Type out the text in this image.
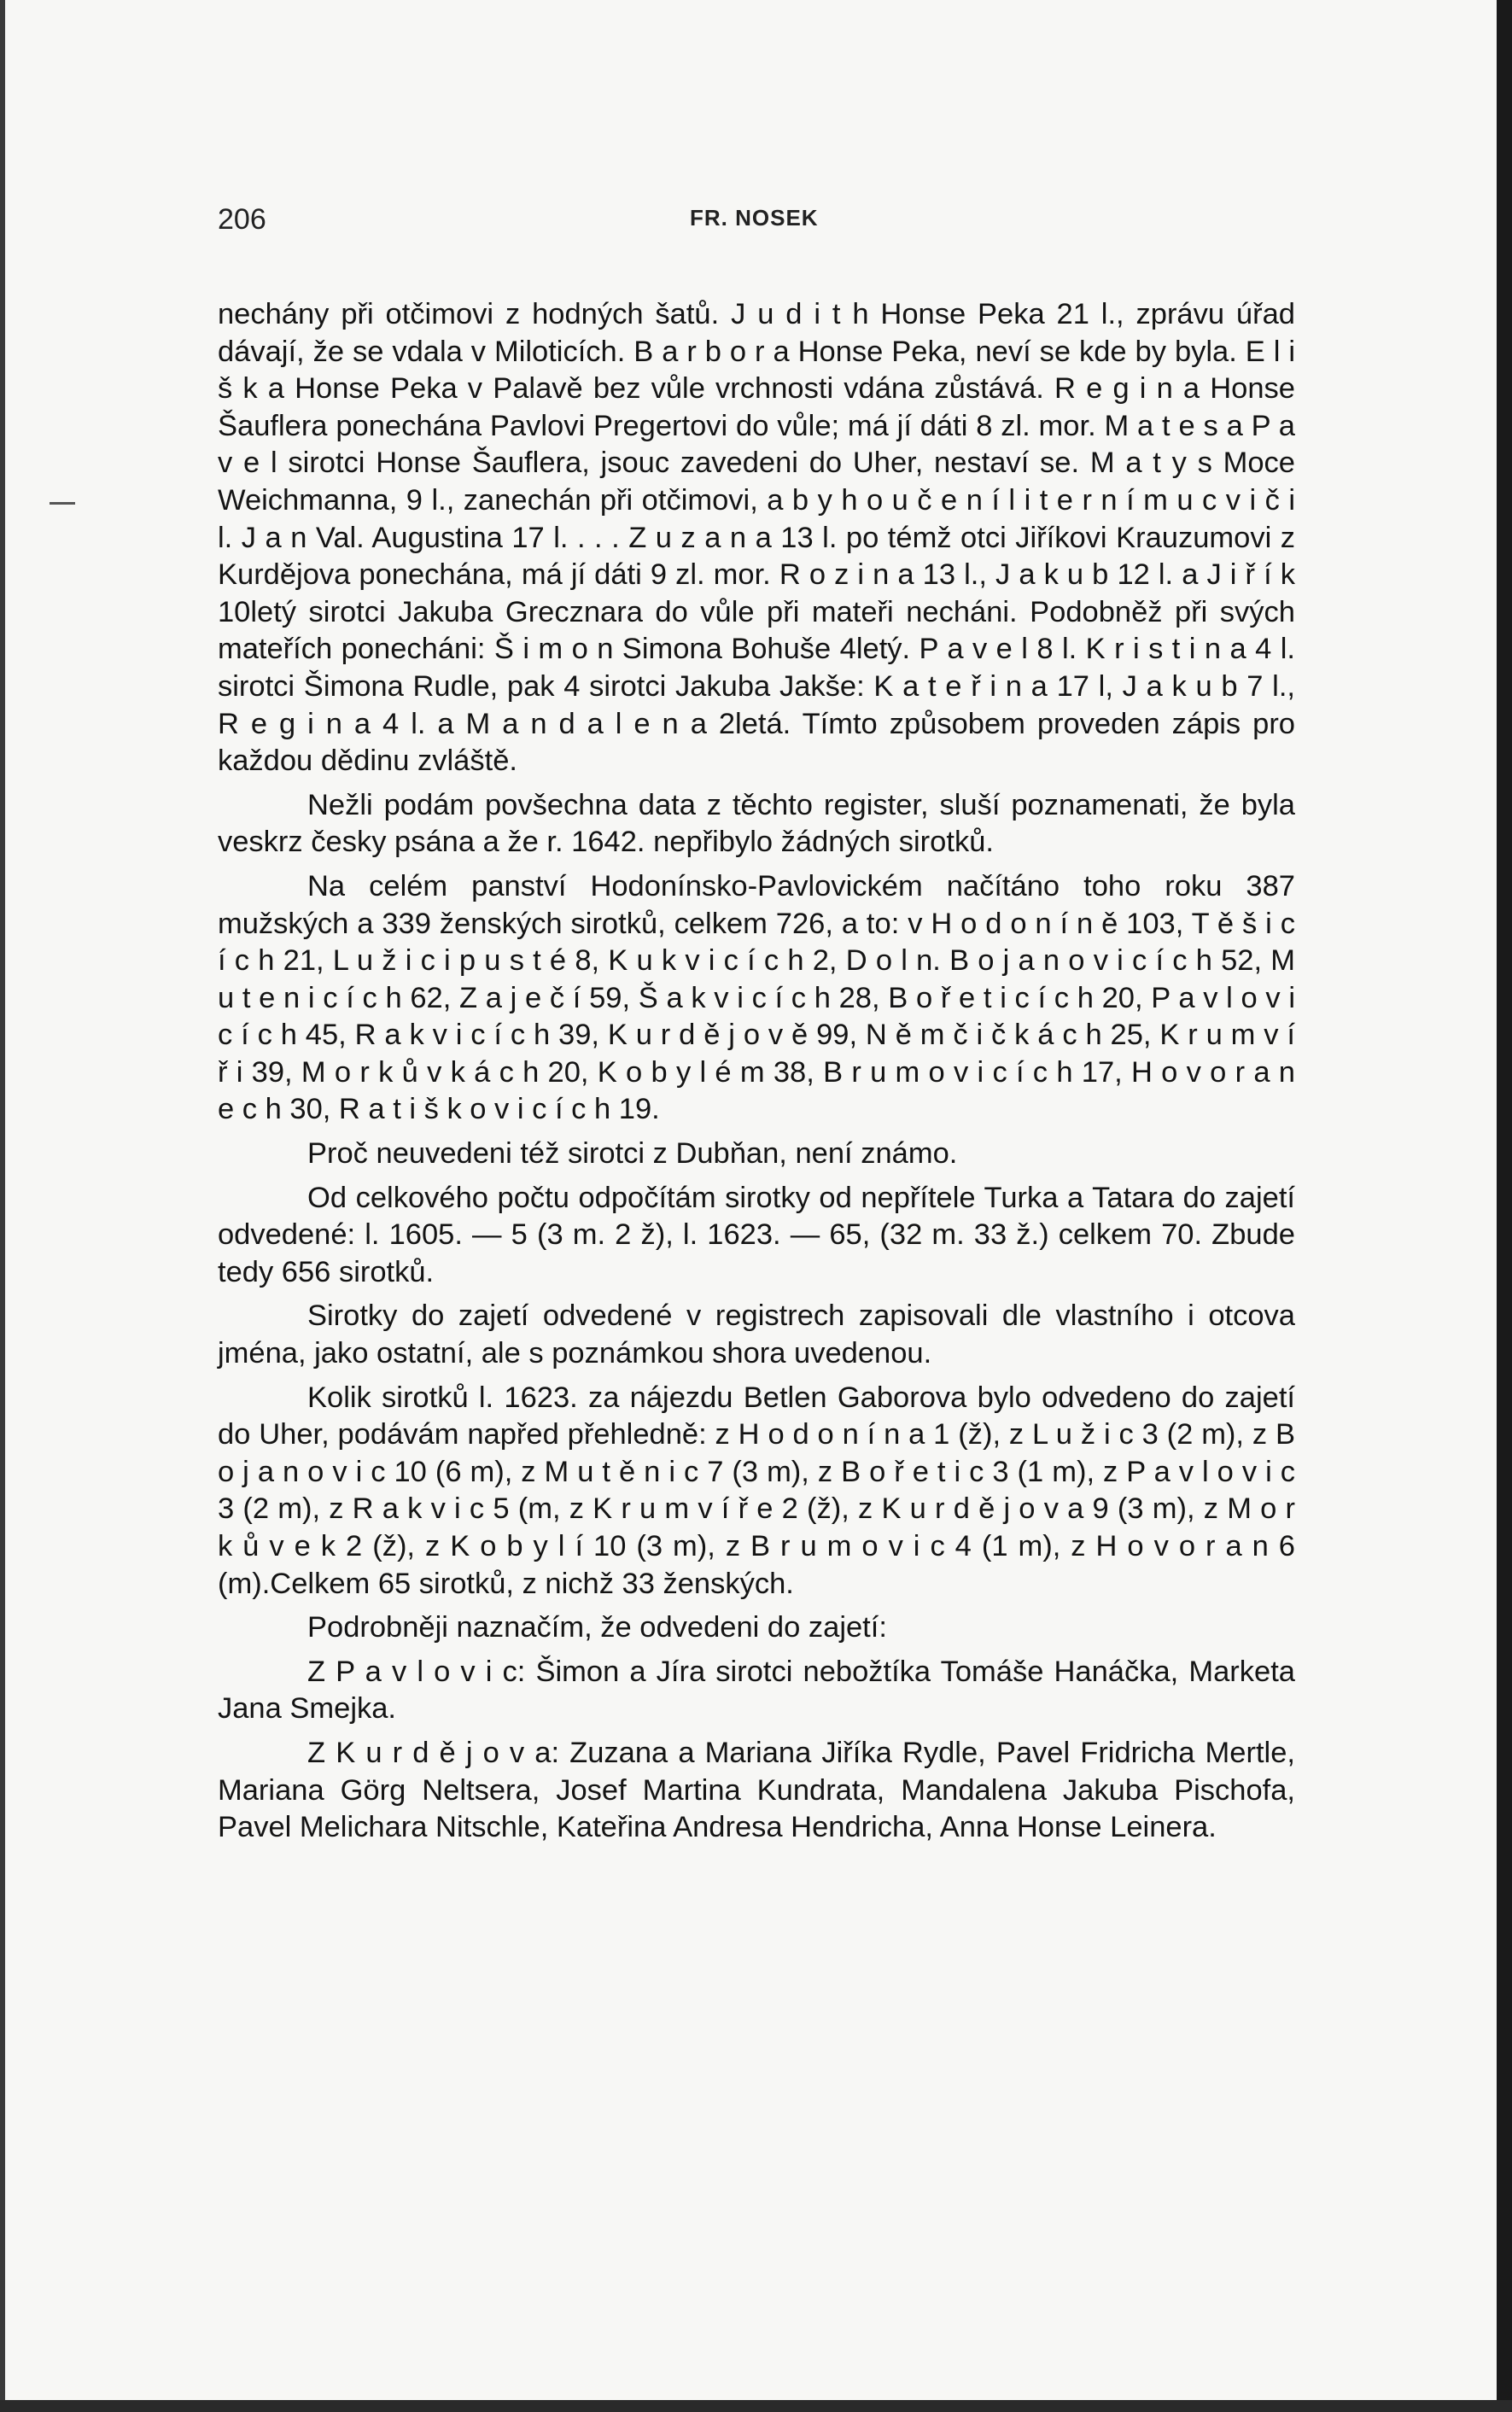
206	FR. NOSEK

nechány při otčimovi z hodných šatů. J u d i t h Honse Peka 21 l., zprávu úřad dávají, že se vdala v Miloticích. B a r b o r a Honse Peka, neví se kde by byla. E l i š k a Honse Peka v Palavě bez vůle vrchnosti vdána zůstává. R e g i n a Honse Šauflera ponechána Pavlovi Pregertovi do vůle; má jí dáti 8 zl. mor. M a t e s a P a v e l sirotci Honse Šauflera, jsouc zavedeni do Uher, nestaví se. M a t y s Moce Weichmanna, 9 l., zanechán při otčimovi, a b y h o u č e n í l i t e r n í m u c v i č i l. J a n Val. Augustina 17 l. . . . Z u z a n a 13 l. po témž otci Jiříkovi Krauzumovi z Kurdějova ponechána, má jí dáti 9 zl. mor. R o z i n a 13 l., J a k u b 12 l. a J i ř í k 10letý sirotci Jakuba Grecznara do vůle při mateři necháni. Podobněž při svých mateřích ponecháni: Š i m o n Simona Bohuše 4letý. P a v e l 8 l. K r i s t i n a 4 l. sirotci Šimona Rudle, pak 4 sirotci Jakuba Jakše: K a t e ř i n a 17 l, J a k u b 7 l., R e g i n a 4 l. a M a n d a l e n a 2letá. Tímto způsobem proveden zápis pro každou dědinu zvláště.

Nežli podám povšechna data z těchto register, sluší poznamenati, že byla veskrz česky psána a že r. 1642. nepřibylo žádných sirotků.

Na celém panství Hodonínsko-Pavlovickém načítáno toho roku 387 mužských a 339 ženských sirotků, celkem 726, a to: v H o d o n í n ě 103, T ě š i c í c h 21, L u ž i c i p u s t é 8, K u k v i c í c h 2, D o l n. B o j a n o v i c í c h 52, M u t e n i c í c h 62, Z a j e č í 59, Š a k v i c í c h 28, B o ř e t i c í c h 20, P a v l o v i c í c h 45, R a k v i c í c h 39, K u r d ě j o v ě 99, N ě m č i č k á c h 25, K r u m v í ř i 39, M o r k ů v k á c h 20, K o b y l é m 38, B r u m o v i c í c h 17, H o v o r a n e c h 30, R a t i š k o v i c í c h 19.

Proč neuvedeni též sirotci z Dubňan, není známo.

Od celkového počtu odpočítám sirotky od nepřítele Turka a Tatara do zajetí odvedené: l. 1605. — 5 (3 m. 2 ž), l. 1623. — 65, (32 m. 33 ž.) celkem 70. Zbude tedy 656 sirotků.

Sirotky do zajetí odvedené v registrech zapisovali dle vlastního i otcova jména, jako ostatní, ale s poznámkou shora uvedenou.

Kolik sirotků l. 1623. za nájezdu Betlen Gaborova bylo odvedeno do zajetí do Uher, podávám napřed přehledně: z H o d o n í n a 1 (ž), z L u ž i c 3 (2 m), z B o j a n o v i c 10 (6 m), z M u t ě n i c 7 (3 m), z B o ř e t i c 3 (1 m), z P a v l o v i c 3 (2 m), z R a k v i c 5 (m, z K r u m v í ř e 2 (ž), z K u r d ě j o v a 9 (3 m), z M o r k ů v e k 2 (ž), z K o b y l í 10 (3 m), z B r u m o v i c 4 (1 m), z H o v o r a n 6 (m).Celkem 65 sirotků, z nichž 33 ženských.

Podrobněji naznačím, že odvedeni do zajetí:

Z P a v l o v i c: Šimon a Jíra sirotci nebožtíka Tomáše Hanáčka, Marketa Jana Smejka.

Z K u r d ě j o v a: Zuzana a Mariana Jiříka Rydle, Pavel Fridricha Mertle, Mariana Görg Neltsera, Josef Martina Kundrata, Mandalena Jakuba Pischofa, Pavel Melichara Nitschle, Kateřina Andresa Hendricha, Anna Honse Leinera.
